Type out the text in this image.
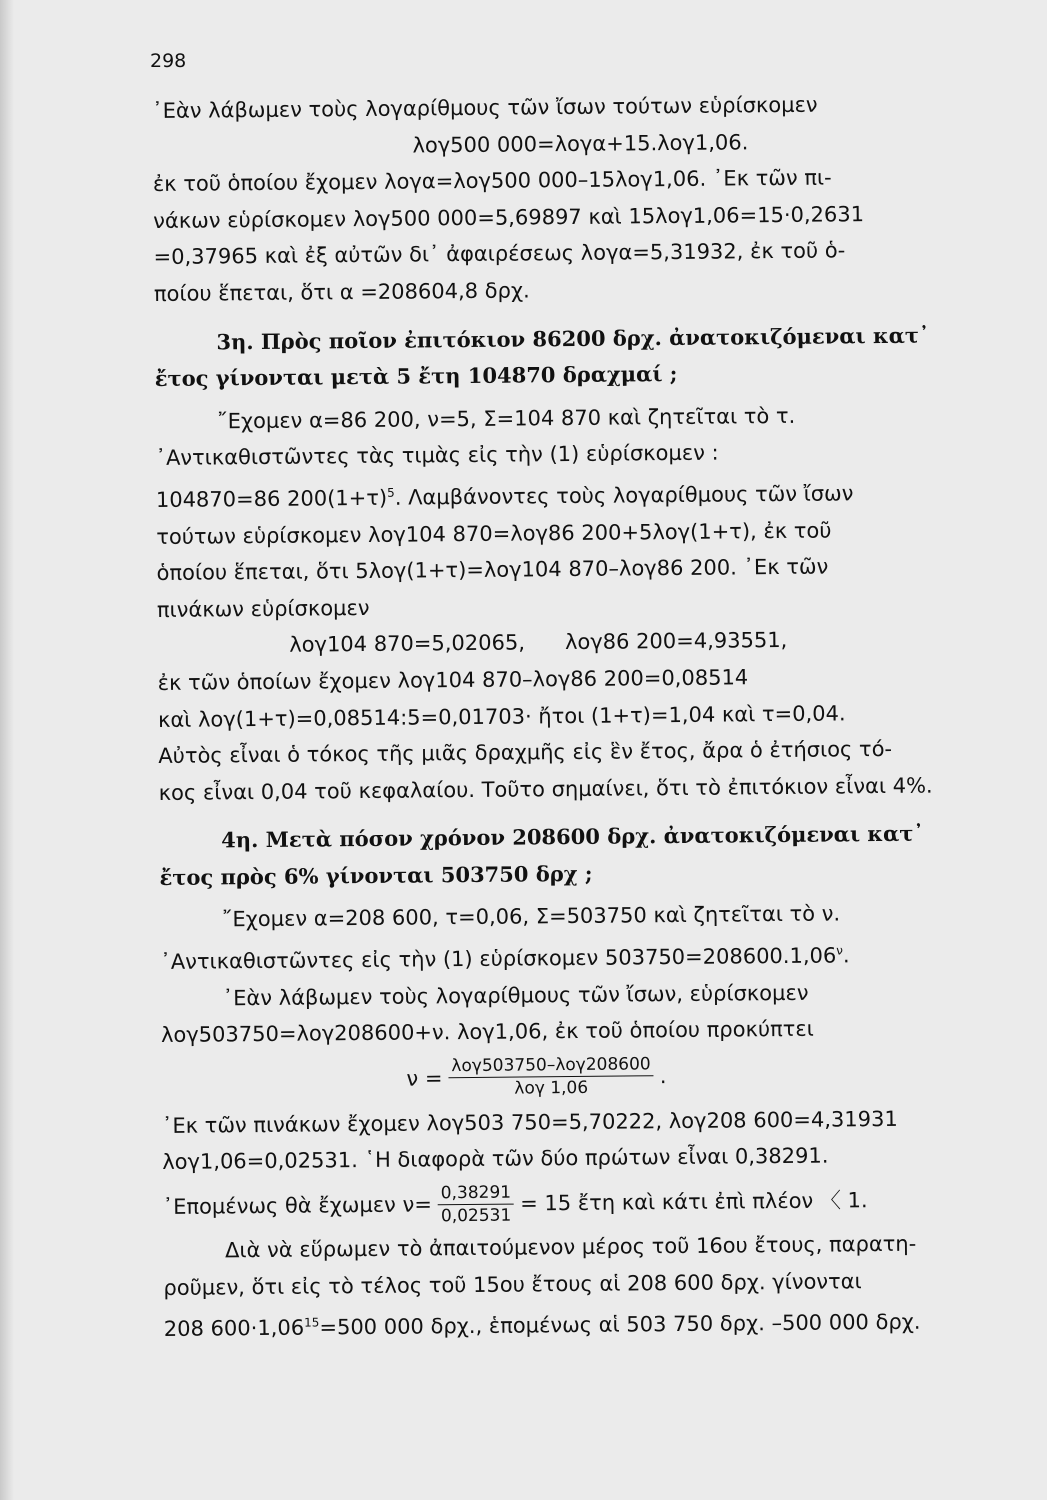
298
᾿Εὰν λάβωμεν τοὺς λογαρίθμους τῶν ἴσων τούτων εὑρίσκομεν
λογ500 000=λογα+15.λογ1,06.
ἐκ τοῦ ὁποίου ἔχομεν λογα=λογ500 000–15λογ1,06. ᾿Εκ τῶν πι-
νάκων εὑρίσκομεν λογ500 000=5,69897 καὶ 15λογ1,06=15·0,2631
=0,37965 καὶ ἐξ αὐτῶν δι᾿ ἀφαιρέσεως λογα=5,31932, ἐκ τοῦ ὁ-
ποίου ἕπεται, ὅτι α =208604,8 δρχ.
3η. Πρὸς ποῖον ἐπιτόκιον 86200 δρχ. ἀνατοκιζόμεναι κατ᾿
ἔτος γίνονται μετὰ 5 ἔτη 104870 δραχμαί ;
῎Εχομεν α=86 200, ν=5, Σ=104 870 καὶ ζητεῖται τὸ τ.
᾿Αντικαθιστῶντες τὰς τιμὰς εἰς τὴν (1) εὑρίσκομεν :
104870=86 $200(1+\tau)^5$. Λαμβάνοντες τοὺς λογαρίθμους τῶν ἴσων
τούτων εὑρίσκομεν λογ104 870=λογ86 200+5λογ(1+τ), ἐκ τοῦ
ὁποίου ἕπεται, ὅτι 5λογ(1+τ)=λογ104 870–λογ86 200. ᾿Εκ τῶν
πινάκων εὑρίσκομεν
λογ104 870=5,02065,      λογ86 200=4,93551,
ἐκ τῶν ὁποίων ἔχομεν λογ104 870–λογ86 200=0,08514
καὶ λογ(1+τ)=0,08514:5=0,01703· ἤτοι (1+τ)=1,04 καὶ τ=0,04.
Αὐτὸς εἶναι ὁ τόκος τῆς μιᾶς δραχμῆς εἰς ἓν ἔτος, ἄρα ὁ ἐτήσιος τό-
κος εἶναι 0,04 τοῦ κεφαλαίου. Τοῦτο σημαίνει, ὅτι τὸ ἐπιτόκιον εἶναι 4%.
4η. Μετὰ πόσον χρόνον 208600 δρχ. ἀνατοκιζόμεναι κατ᾿
ἔτος πρὸς 6% γίνονται 503750 δρχ ;
῎Εχομεν α=208 600, τ=0,06, Σ=503750 καὶ ζητεῖται τὸ ν.
᾿Αντικαθιστῶντες εἰς τὴν (1) εὑρίσκομεν $503750=208600.1,06^\nu$.
᾿Εὰν λάβωμεν τοὺς λογαρίθμους τῶν ἴσων, εὑρίσκομεν
λογ503750=λογ208600+ν. λογ1,06, ἐκ τοῦ ὁποίου προκύπτει
$\nu = \frac{\text{λογ503750–λογ208600}}{\text{λογ 1,06}}$ .
᾿Εκ τῶν πινάκων ἔχομεν λογ503 750=5,70222, λογ208 600=4,31931
λογ1,06=0,02531. ῾Η διαφορὰ τῶν δύο πρώτων εἶναι 0,38291.
᾿Επομένως θὰ ἔχωμεν $\nu= \frac{0,38291}{0,02531} = 15$ ἔτη καὶ κάτι ἐπὶ πλέον 〈 1.
Διὰ νὰ εὕρωμεν τὸ ἀπαιτούμενον μέρος τοῦ 16ου ἔτους, παρατη-
ροῦμεν, ὅτι εἰς τὸ τέλος τοῦ 15ου ἔτους αἱ 208 600 δρχ. γίνονται
208 $600\cdot 1,06^{15}=500$ 000 δρχ., ἑπομένως αἱ 503 750 δρχ. –500 000 δρχ.
